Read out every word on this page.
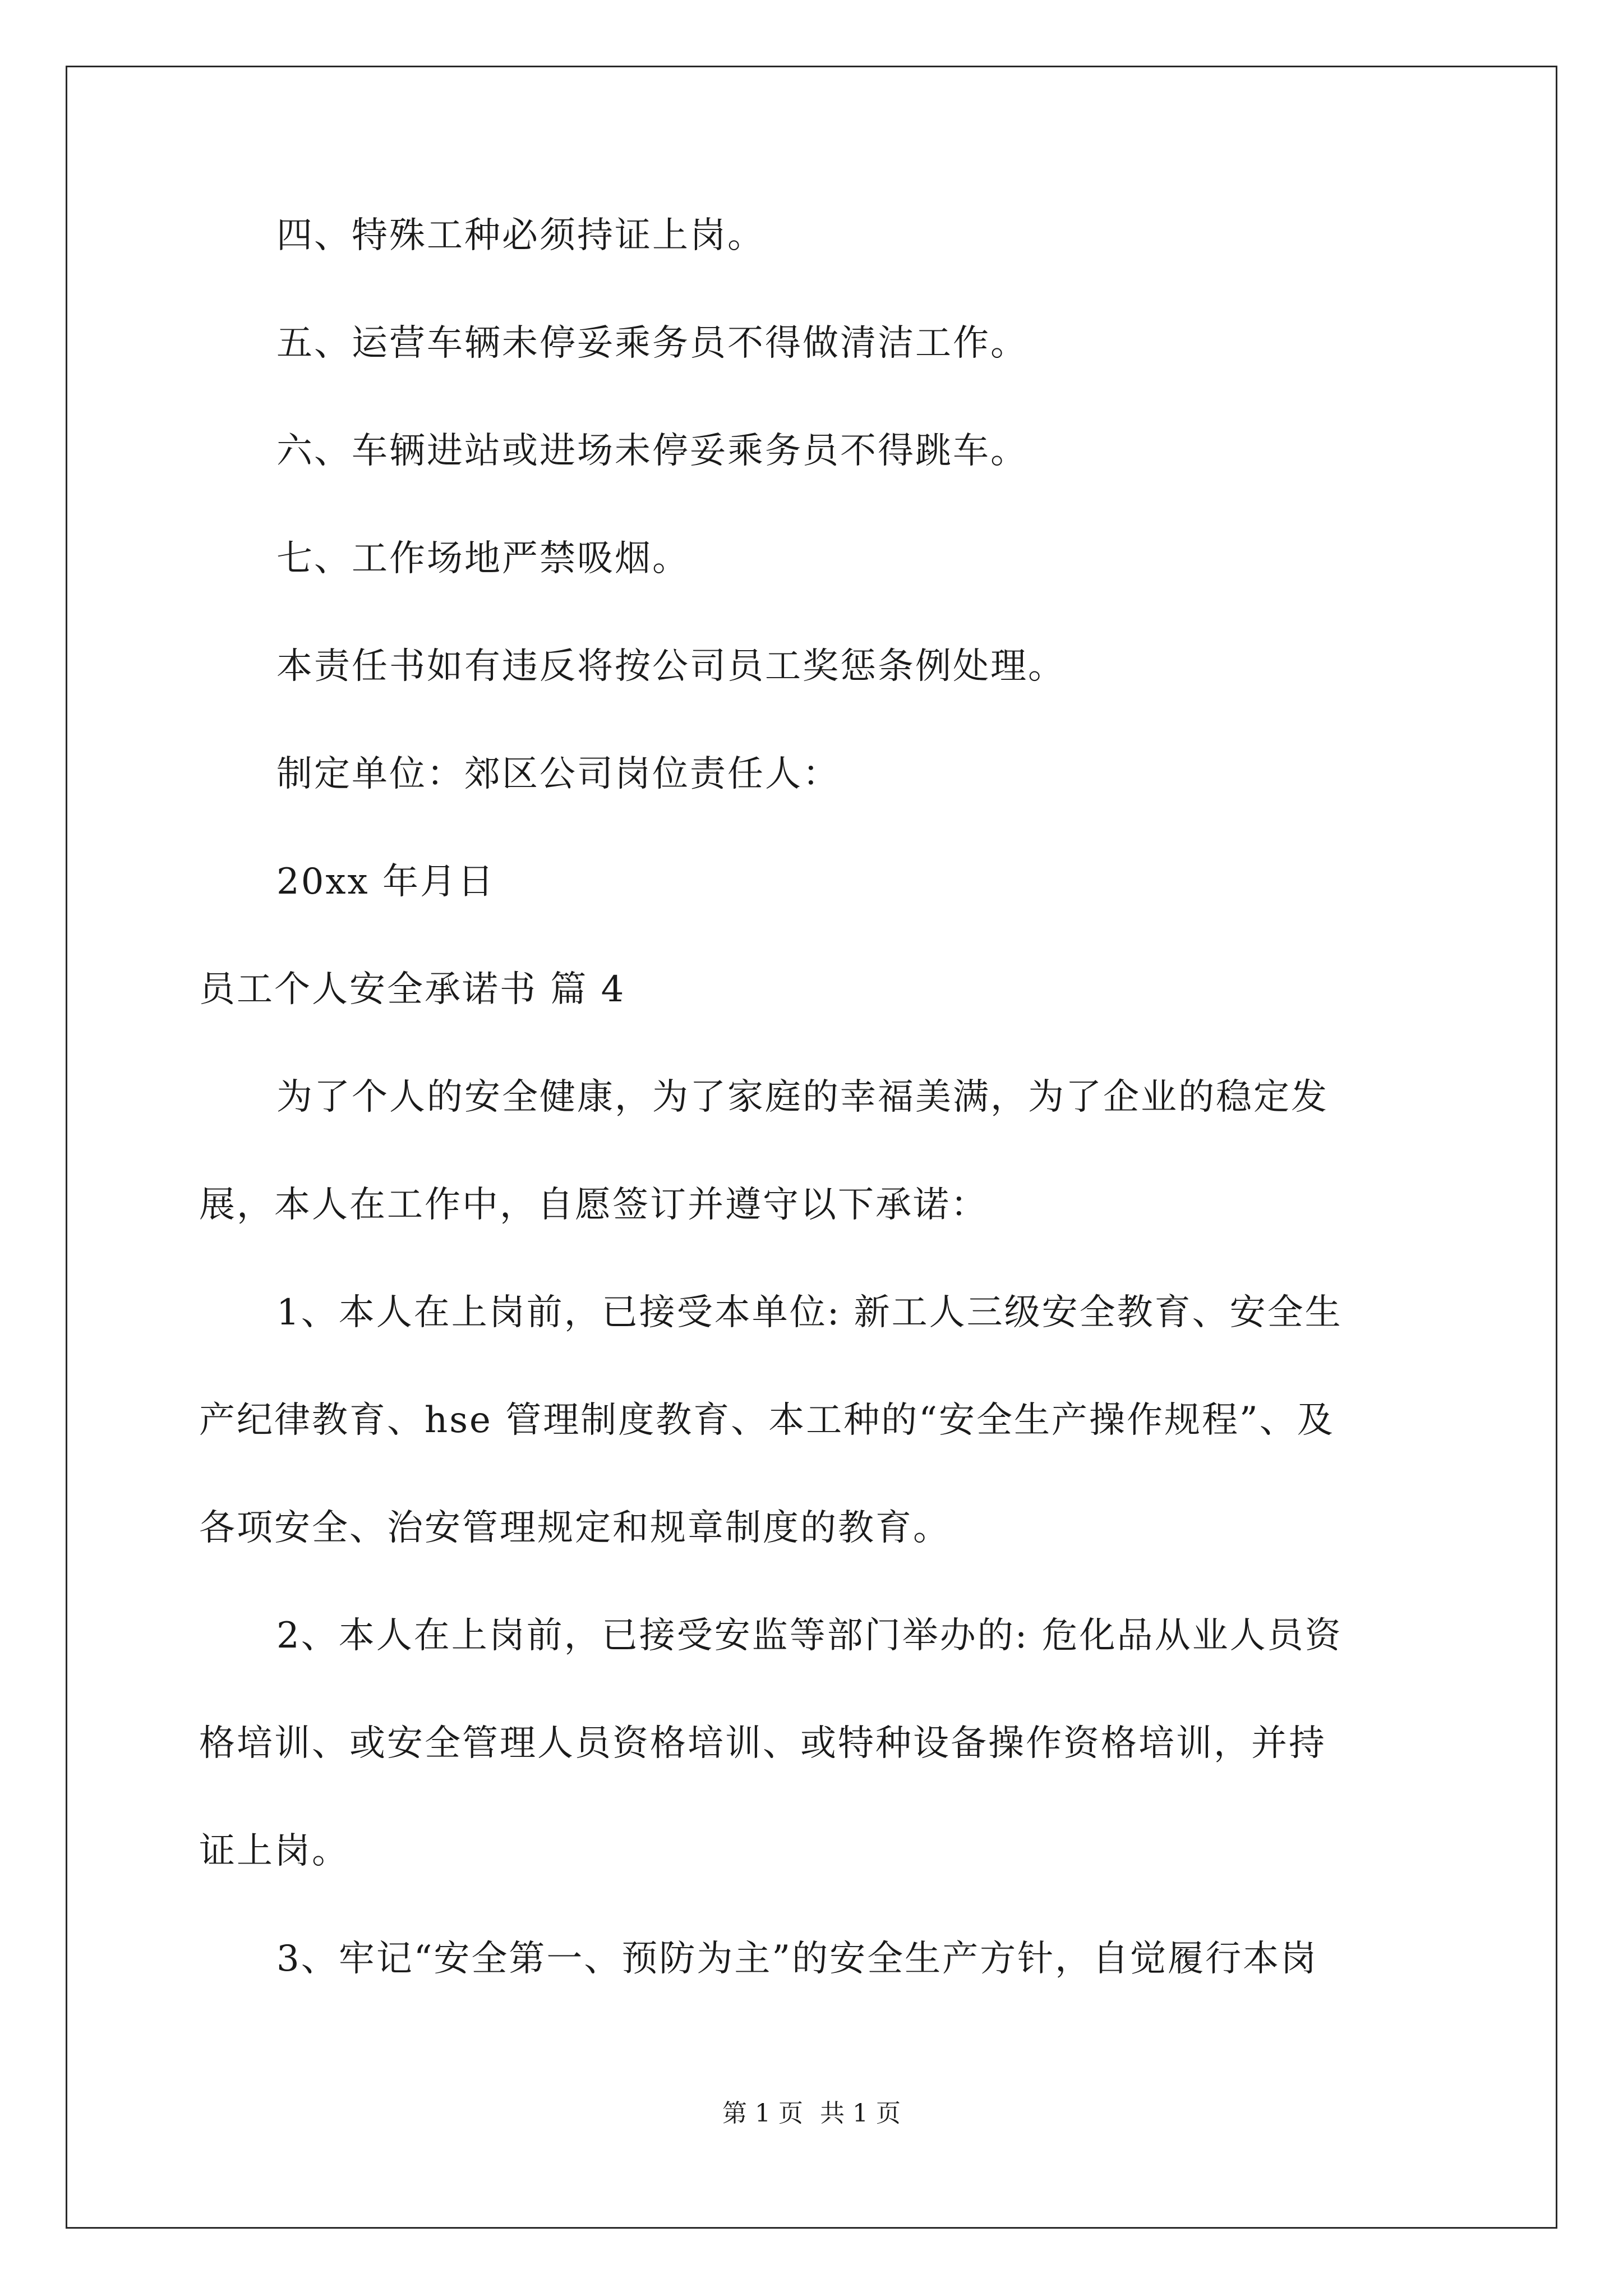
四、特殊工种必须持证上岗。
五、运营车辆未停妥乘务员不得做清洁工作。
六、车辆进站或进场未停妥乘务员不得跳车。
七、工作场地严禁吸烟。
本责任书如有违反将按公司员工奖惩条例处理。
制定单位：郊区公司岗位责任人：
20xx 年月日
员工个人安全承诺书 篇 4
为了个人的安全健康，为了家庭的幸福美满，为了企业的稳定发
展，本人在工作中，自愿签订并遵守以下承诺：
1、本人在上岗前，已接受本单位: 新工人三级安全教育、安全生
产纪律教育、hse 管理制度教育、本工种的“安全生产操作规程”、及
各项安全、治安管理规定和规章制度的教育。
2、本人在上岗前，已接受安监等部门举办的: 危化品从业人员资
格培训、或安全管理人员资格培训、或特种设备操作资格培训，并持
证上岗。
3、牢记“安全第一、预防为主”的安全生产方针，自觉履行本岗
第 1 页 共 1 页
